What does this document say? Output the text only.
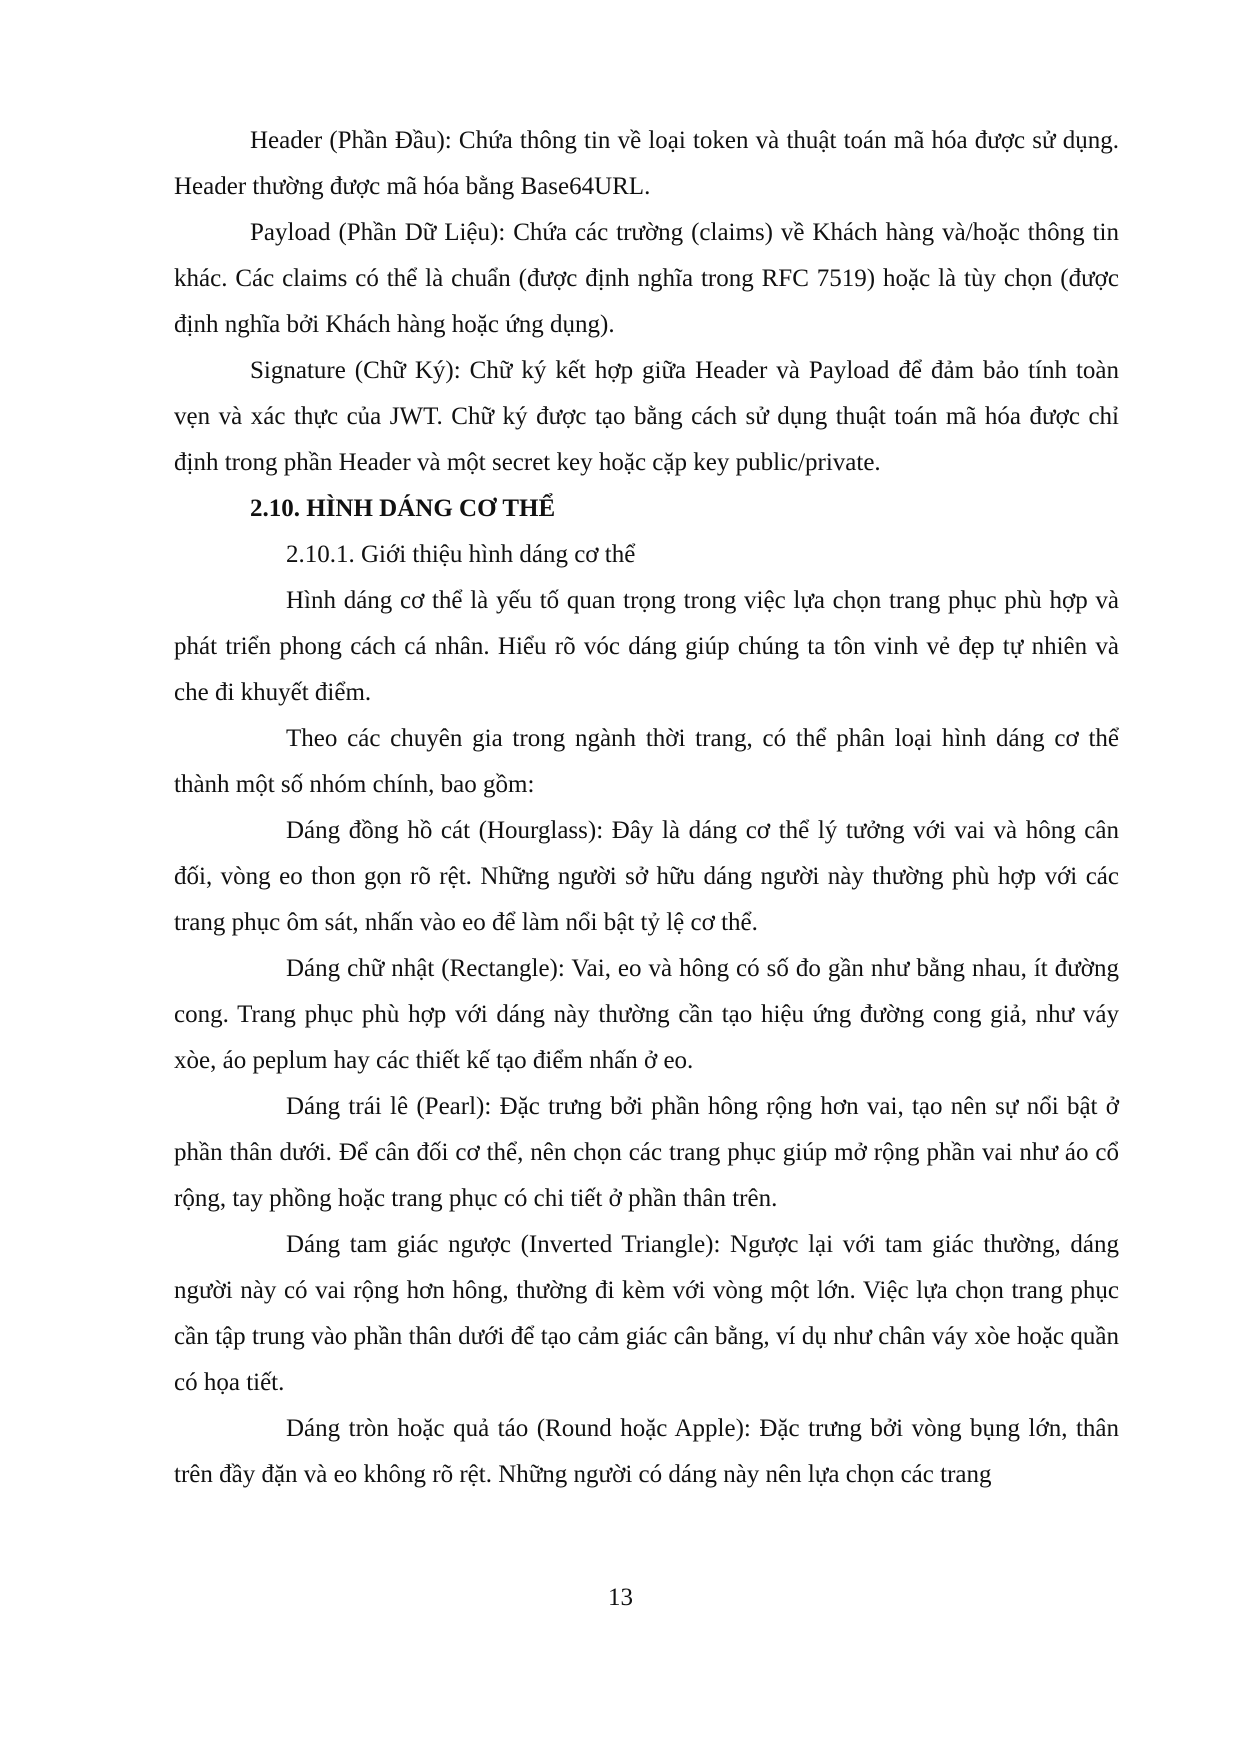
Header (Phần Đầu): Chứa thông tin về loại token và thuật toán mã hóa được sử dụng. Header thường được mã hóa bằng Base64URL.

Payload (Phần Dữ Liệu): Chứa các trường (claims) về Khách hàng và/hoặc thông tin khác. Các claims có thể là chuẩn (được định nghĩa trong RFC 7519) hoặc là tùy chọn (được định nghĩa bởi Khách hàng hoặc ứng dụng).

Signature (Chữ Ký): Chữ ký kết hợp giữa Header và Payload để đảm bảo tính toàn vẹn và xác thực của JWT. Chữ ký được tạo bằng cách sử dụng thuật toán mã hóa được chỉ định trong phần Header và một secret key hoặc cặp key public/private.

2.10. HÌNH DÁNG CƠ THỂ

2.10.1. Giới thiệu hình dáng cơ thể

Hình dáng cơ thể là yếu tố quan trọng trong việc lựa chọn trang phục phù hợp và phát triển phong cách cá nhân. Hiểu rõ vóc dáng giúp chúng ta tôn vinh vẻ đẹp tự nhiên và che đi khuyết điểm.

Theo các chuyên gia trong ngành thời trang, có thể phân loại hình dáng cơ thể thành một số nhóm chính, bao gồm:

Dáng đồng hồ cát (Hourglass): Đây là dáng cơ thể lý tưởng với vai và hông cân đối, vòng eo thon gọn rõ rệt. Những người sở hữu dáng người này thường phù hợp với các trang phục ôm sát, nhấn vào eo để làm nổi bật tỷ lệ cơ thể.

Dáng chữ nhật (Rectangle): Vai, eo và hông có số đo gần như bằng nhau, ít đường cong. Trang phục phù hợp với dáng này thường cần tạo hiệu ứng đường cong giả, như váy xòe, áo peplum hay các thiết kế tạo điểm nhấn ở eo.

Dáng trái lê (Pearl): Đặc trưng bởi phần hông rộng hơn vai, tạo nên sự nổi bật ở phần thân dưới. Để cân đối cơ thể, nên chọn các trang phục giúp mở rộng phần vai như áo cổ rộng, tay phồng hoặc trang phục có chi tiết ở phần thân trên.

Dáng tam giác ngược (Inverted Triangle): Ngược lại với tam giác thường, dáng người này có vai rộng hơn hông, thường đi kèm với vòng một lớn. Việc lựa chọn trang phục cần tập trung vào phần thân dưới để tạo cảm giác cân bằng, ví dụ như chân váy xòe hoặc quần có họa tiết.

Dáng tròn hoặc quả táo (Round hoặc Apple): Đặc trưng bởi vòng bụng lớn, thân trên đầy đặn và eo không rõ rệt. Những người có dáng này nên lựa chọn các trang

13
